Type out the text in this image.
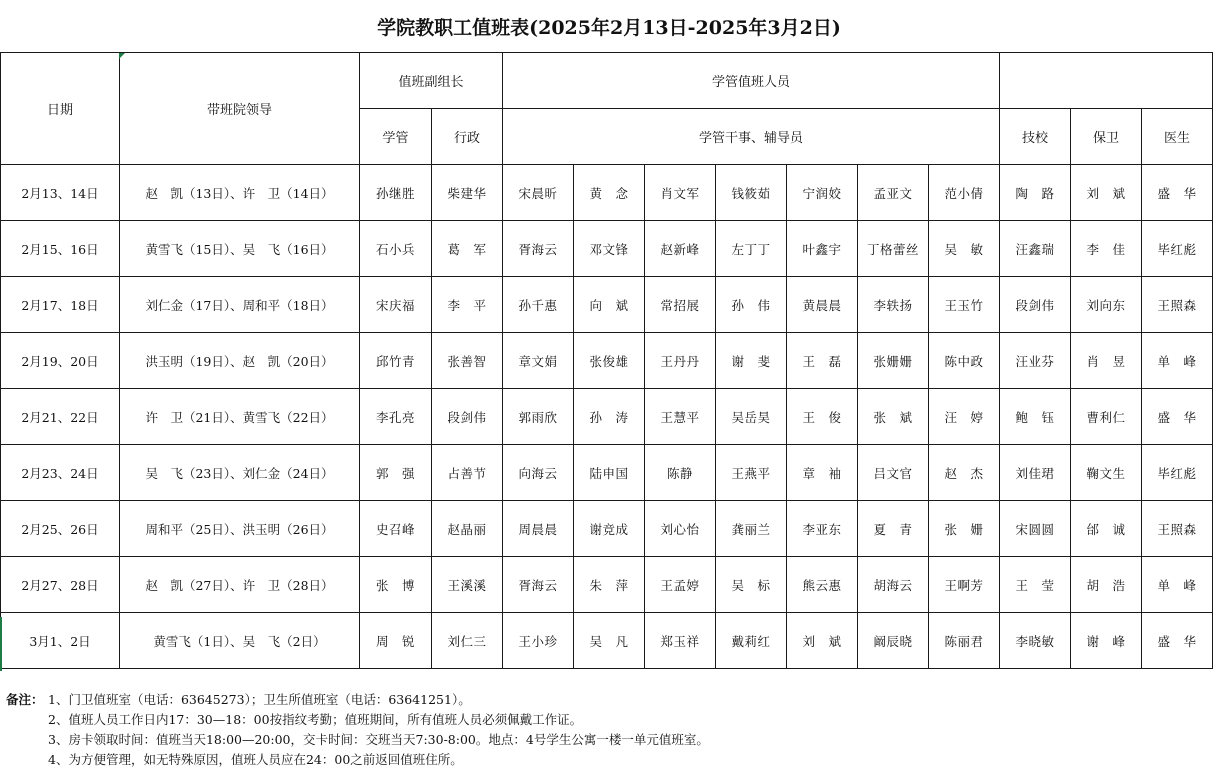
学院教职工值班表(2025年2月13日-2025年3月2日)
日期	带班院领导	值班副组长		学管值班人员									
		学管	行政	学管干事、辅导员							技校	保卫	医生
2月13、14日	赵　凯（13日）、许　卫（14日）	孙继胜	柴建华	宋晨昕	黄　念	肖文军	钱筱茹	宁润姣	孟亚文	范小倩	陶　路	刘　斌	盛　华
2月15、16日	黄雪飞（15日）、吴　飞（16日）	石小兵	葛　军	胥海云	邓文锋	赵新峰	左丁丁	叶鑫宇	丁格蕾丝	吴　敏	汪鑫瑞	李　佳	毕红彪
2月17、18日	刘仁金（17日）、周和平（18日）	宋庆福	李　平	孙千惠	向　斌	常招展	孙　伟	黄晨晨	李轶扬	王玉竹	段剑伟	刘向东	王照森
2月19、20日	洪玉明（19日）、赵　凯（20日）	邱竹青	张善智	章文娟	张俊雄	王丹丹	谢　斐	王　磊	张姗姗	陈中政	汪业芬	肖　昱	单　峰
2月21、22日	许　卫（21日）、黄雪飞（22日）	李孔亮	段剑伟	郭雨欣	孙　涛	王慧平	吴岳昊	王　俊	张　斌	汪　婷	鲍　钰	曹利仁	盛　华
2月23、24日	吴　飞（23日）、刘仁金（24日）	郭　强	占善节	向海云	陆申国	陈静	王燕平	章　袖	吕文官	赵　杰	刘佳珺	鞠文生	毕红彪
2月25、26日	周和平（25日）、洪玉明（26日）	史召峰	赵晶丽	周晨晨	谢竞成	刘心怡	龚丽兰	李亚东	夏　青	张　姗	宋圆圆	邰　诚	王照森
2月27、28日	赵　凯（27日）、许　卫（28日）	张　博	王溪溪	胥海云	朱　萍	王孟婷	吴　标	熊云惠	胡海云	王啊芳	王　莹	胡　浩	单　峰
3月1、2日	黄雪飞（1日）、吴　飞（2日）	周　锐	刘仁三	王小珍	吴　凡	郑玉祥	戴莉红	刘　斌	阚辰晓	陈丽君	李晓敏	谢　峰	盛　华
备注： 1、门卫值班室（电话：63645273）；卫生所值班室（电话：63641251）。
2、值班人员工作日内17：30—18：00按指纹考勤；值班期间，所有值班人员必须佩戴工作证。
3、房卡领取时间：值班当天18:00—20:00，交卡时间：交班当天7:30-8:00。地点：4号学生公寓一楼一单元值班室。
4、为方便管理，如无特殊原因，值班人员应在24：00之前返回值班住所。
